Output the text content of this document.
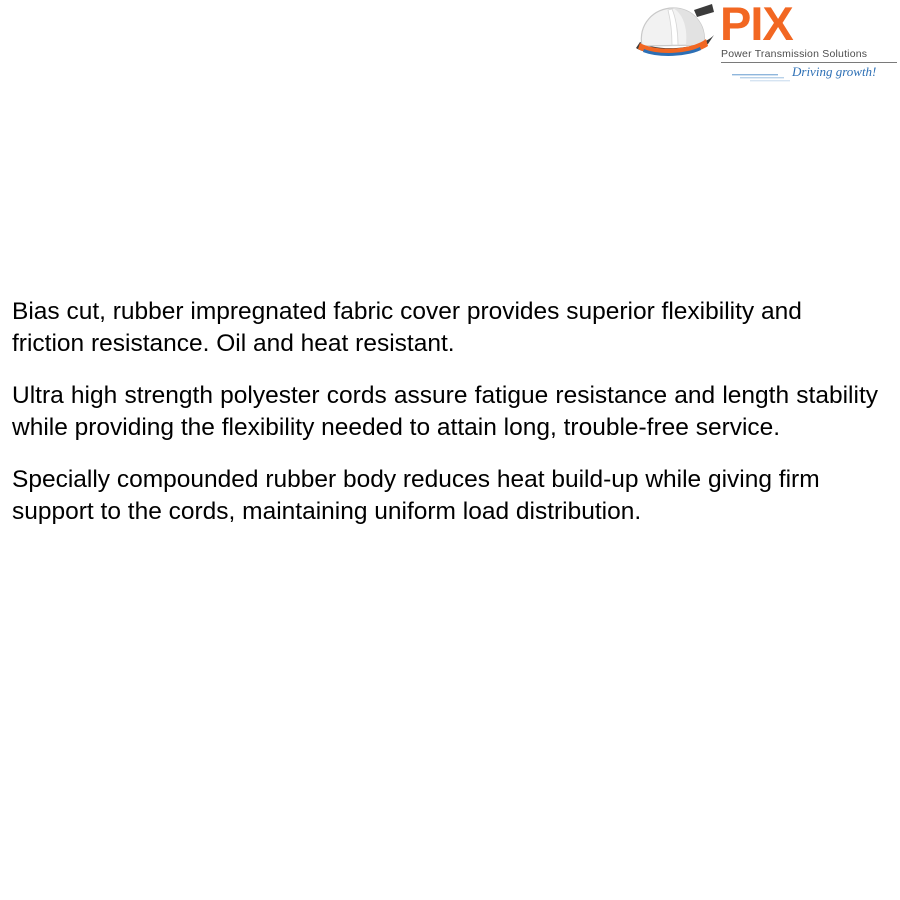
PIX
Power Transmission Solutions
Driving growth!

Bias cut, rubber impregnated fabric cover provides superior flexibility and friction resistance. Oil and heat resistant.

Ultra high strength polyester cords assure fatigue resistance and length stability while providing the flexibility needed to attain long, trouble-free service.

Specially compounded rubber body reduces heat build-up while giving firm support to the cords, maintaining uniform load distribution.
